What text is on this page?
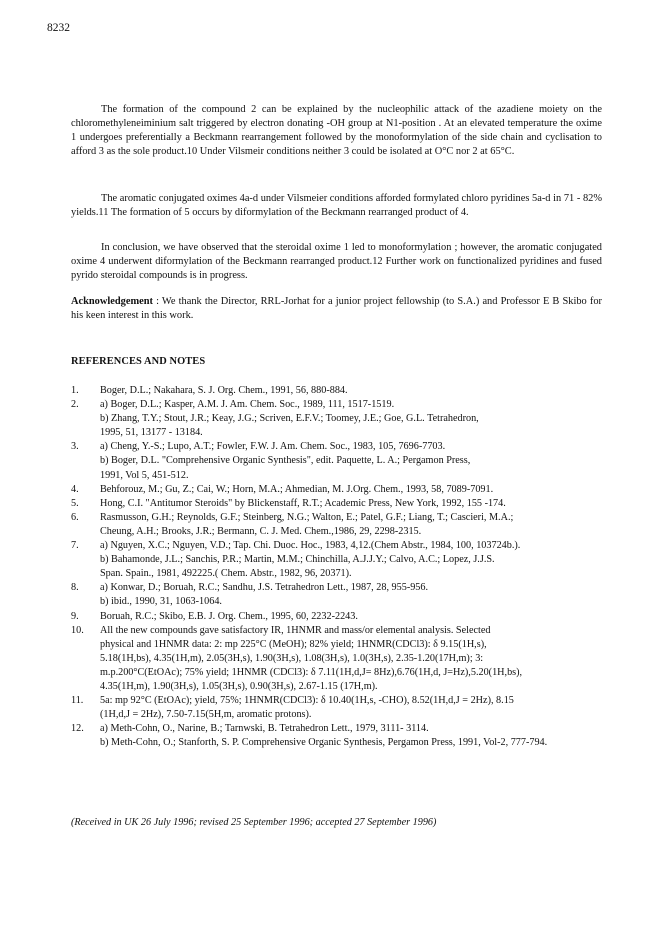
8232

The formation of the compound 2 can be explained by the nucleophilic attack of the azadiene moiety on the chloromethyleneiminium salt triggered by electron donating -OH group at N1-position . At an elevated temperature the oxime 1 undergoes preferentially a Beckmann rearrangement followed by the monoformylation of the side chain and cyclisation to afford 3 as the sole product.10 Under Vilsmeir conditions neither 3 could be isolated at O°C nor 2 at 65°C.

The aromatic conjugated oximes 4a-d under Vilsmeier conditions afforded formylated chloro pyridines 5a-d in 71 - 82% yields.11 The formation of 5 occurs by diformylation of the Beckmann rearranged product of 4.

In conclusion, we have observed that the steroidal oxime 1 led to monoformylation ; however, the aromatic conjugated oxime 4 underwent diformylation of the Beckmann rearranged product.12 Further work on functionalized pyridines and fused pyrido steroidal compounds is in progress.

Acknowledgement : We thank the Director, RRL-Jorhat for a junior project fellowship (to S.A.) and Professor E B Skibo for his keen interest in this work.

REFERENCES AND NOTES
1.	Boger, D.L.; Nakahara, S. J. Org. Chem., 1991, 56, 880-884.
2.	a) Boger, D.L.; Kasper, A.M. J. Am. Chem. Soc., 1989, 111, 1517-1519.
b) Zhang, T.Y.; Stout, J.R.; Keay, J.G.; Scriven, E.F.V.; Toomey, J.E.; Goe, G.L. Tetrahedron,
1995, 51, 13177 - 13184.
3.	a) Cheng, Y.-S.; Lupo, A.T.; Fowler, F.W. J. Am. Chem. Soc., 1983, 105, 7696-7703.
b) Boger, D.L. "Comprehensive Organic Synthesis", edit. Paquette, L. A.; Pergamon Press,
1991, Vol 5, 451-512.
4.	Behforouz, M.; Gu, Z.; Cai, W.; Horn, M.A.; Ahmedian, M. J.Org. Chem., 1993, 58, 7089-7091.
5.	Hong, C.I. "Antitumor Steroids" by Blickenstaff, R.T.; Academic Press, New York, 1992, 155 -174.
6.	Rasmusson, G.H.; Reynolds, G.F.; Steinberg, N.G.; Walton, E.; Patel, G.F.; Liang, T.; Cascieri, M.A.;
Cheung, A.H.; Brooks, J.R.; Bermann, C. J. Med. Chem.,1986, 29, 2298-2315.
7.	a) Nguyen, X.C.; Nguyen, V.D.; Tap. Chi. Duoc. Hoc., 1983, 4,12.(Chem Abstr., 1984, 100, 103724b.).
b) Bahamonde, J.L.; Sanchis, P.R.; Martin, M.M.; Chinchilla, A.J.J.Y.; Calvo, A.C.; Lopez, J.J.S.
Span. Spain., 1981, 492225.( Chem. Abstr., 1982, 96, 20371).
8.	a) Konwar, D.; Boruah, R.C.; Sandhu, J.S. Tetrahedron Lett., 1987, 28, 955-956.
b) ibid., 1990, 31, 1063-1064.
9.	Boruah, R.C.; Skibo, E.B. J. Org. Chem., 1995, 60, 2232-2243.
10.	All the new compounds gave satisfactory IR, 1HNMR and mass/or elemental analysis. Selected
physical and 1HNMR data: 2: mp 225°C (MeOH); 82% yield; 1HNMR(CDCl3): δ 9.15(1H,s),
5.18(1H,bs), 4.35(1H,m), 2.05(3H,s), 1.90(3H,s), 1.08(3H,s), 1.0(3H,s), 2.35-1.20(17H,m); 3:
m.p.200°C(EtOAc); 75% yield; 1HNMR (CDCl3): δ 7.11(1H,d,J= 8Hz),6.76(1H,d, J=Hz),5.20(1H,bs),
4.35(1H,m), 1.90(3H,s), 1.05(3H,s), 0.90(3H,s), 2.67-1.15 (17H,m).
11.	5a: mp 92°C (EtOAc); yield, 75%; 1HNMR(CDCl3): δ 10.40(1H,s, -CHO), 8.52(1H,d,J = 2Hz), 8.15
(1H,d,J = 2Hz), 7.50-7.15(5H,m, aromatic protons).
12.	a) Meth-Cohn, O., Narine, B.; Tarnwski, B. Tetrahedron Lett., 1979, 3111- 3114.
b) Meth-Cohn, O.; Stanforth, S. P. Comprehensive Organic Synthesis, Pergamon Press, 1991, Vol-2, 777-794.
(Received in UK 26 July 1996; revised 25 September 1996; accepted 27 September 1996)
